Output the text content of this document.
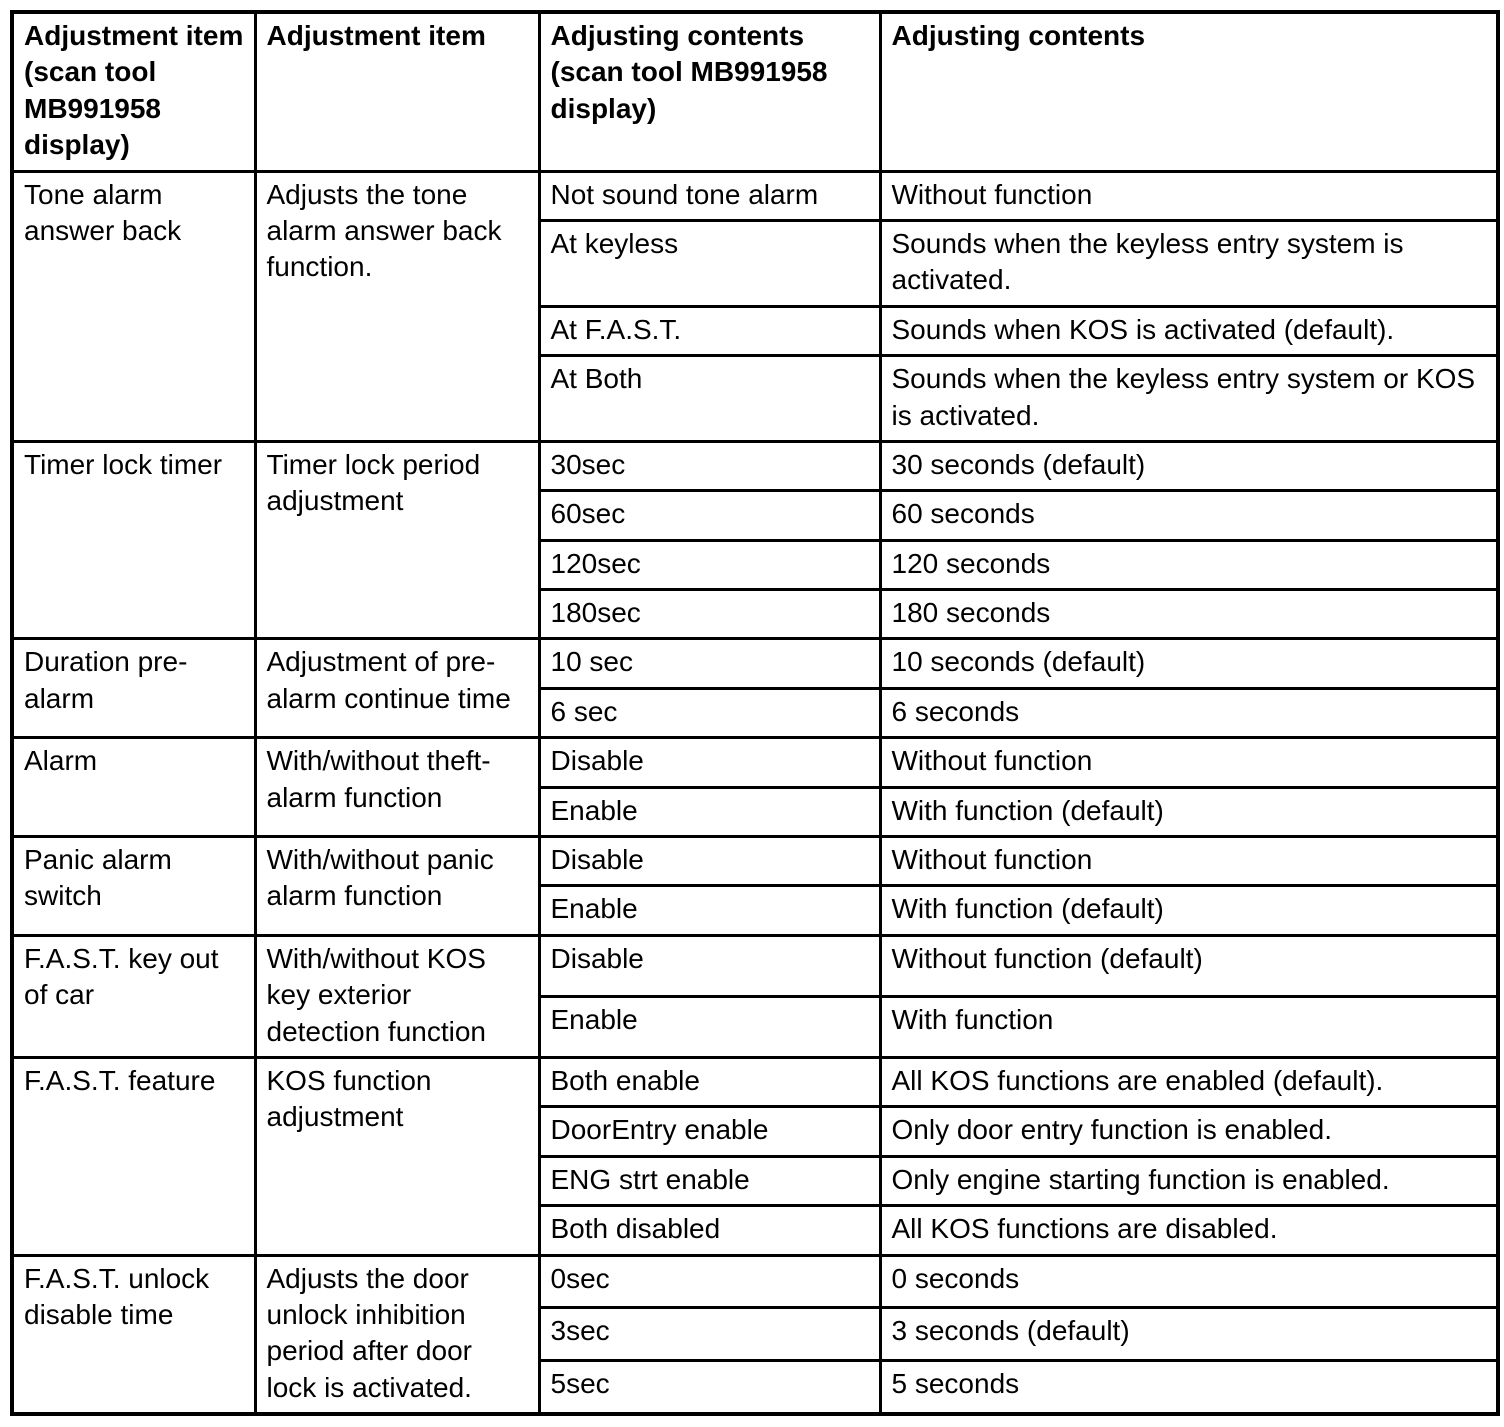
Adjustment item (scan tool MB991958 display)	Adjustment item	Adjusting contents (scan tool MB991958 display)	Adjusting contents
Tone alarm answer back	Adjusts the tone alarm answer back function.	Not sound tone alarm	Without function
		At keyless	Sounds when the keyless entry system is activated.
		At F.A.S.T.	Sounds when KOS is activated (default).
		At Both	Sounds when the keyless entry system or KOS is activated.
Timer lock timer	Timer lock period adjustment	30sec	30 seconds (default)
		60sec	60 seconds
		120sec	120 seconds
		180sec	180 seconds
Duration pre-alarm	Adjustment of pre-alarm continue time	10 sec	10 seconds (default)
		6 sec	6 seconds
Alarm	With/without theft-alarm function	Disable	Without function
		Enable	With function (default)
Panic alarm switch	With/without panic alarm function	Disable	Without function
		Enable	With function (default)
F.A.S.T. key out of car	With/without KOS key exterior detection function	Disable	Without function (default)
		Enable	With function
F.A.S.T. feature	KOS function adjustment	Both enable	All KOS functions are enabled (default).
		DoorEntry enable	Only door entry function is enabled.
		ENG strt enable	Only engine starting function is enabled.
		Both disabled	All KOS functions are disabled.
F.A.S.T. unlock disable time	Adjusts the door unlock inhibition period after door lock is activated.	0sec	0 seconds
		3sec	3 seconds (default)
		5sec	5 seconds
